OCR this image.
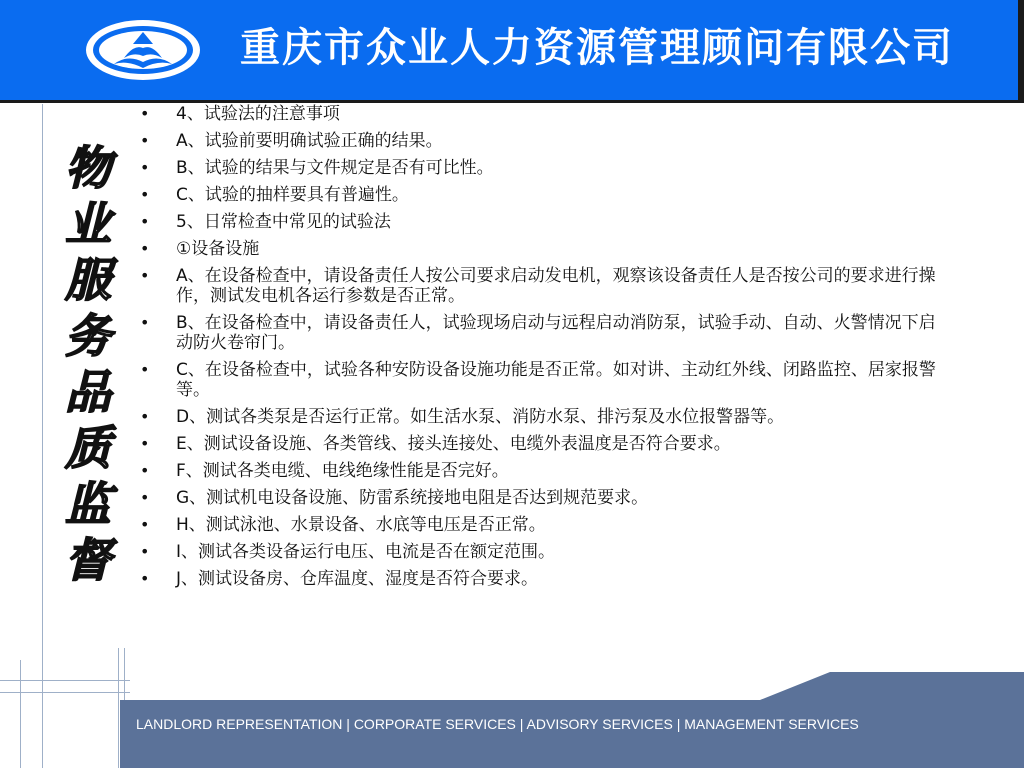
重庆市众业人力资源管理顾问有限公司
物业服务品质监督
• 4、试验法的注意事项
• A、试验前要明确试验正确的结果。
• B、试验的结果与文件规定是否有可比性。
• C、试验的抽样要具有普遍性。
• 5、日常检查中常见的试验法
• ①设备设施
• A、在设备检查中，请设备责任人按公司要求启动发电机，观察该设备责任人是否按公司的要求进行操作，测试发电机各运行参数是否正常。
• B、在设备检查中，请设备责任人，试验现场启动与远程启动消防泵，试验手动、自动、火警情况下启动防火卷帘门。
• C、在设备检查中，试验各种安防设备设施功能是否正常。如对讲、主动红外线、闭路监控、居家报警等。
• D、测试各类泵是否运行正常。如生活水泵、消防水泵、排污泵及水位报警器等。
• E、测试设备设施、各类管线、接头连接处、电缆外表温度是否符合要求。
• F、测试各类电缆、电线绝缘性能是否完好。
• G、测试机电设备设施、防雷系统接地电阻是否达到规范要求。
• H、测试泳池、水景设备、水底等电压是否正常。
• I、测试各类设备运行电压、电流是否在额定范围。
• J、测试设备房、仓库温度、湿度是否符合要求。
LANDLORD REPRESENTATION | CORPORATE SERVICES | ADVISORY SERVICES | MANAGEMENT SERVICES
